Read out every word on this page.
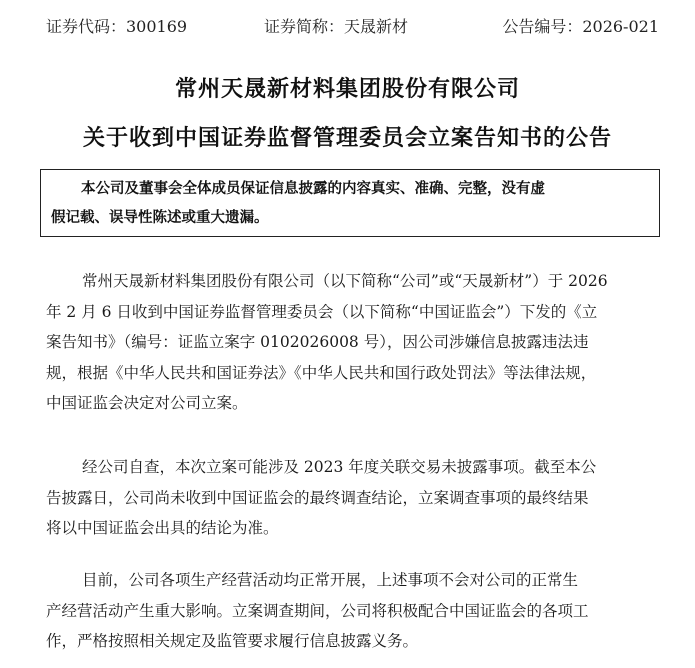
证券代码：300169	证券简称：天晟新材	公告编号：2026-021
常州天晟新材料集团股份有限公司
关于收到中国证券监督管理委员会立案告知书的公告
本公司及董事会全体成员保证信息披露的内容真实、准确、完整，没有虚
假记载、误导性陈述或重大遗漏。
常州天晟新材料集团股份有限公司（以下简称“公司”或“天晟新材”）于 2026
年 2 月 6 日收到中国证券监督管理委员会（以下简称“中国证监会”）下发的《立
案告知书》（编号：证监立案字 0102026008 号），因公司涉嫌信息披露违法违
规，根据《中华人民共和国证券法》《中华人民共和国行政处罚法》等法律法规，
中国证监会决定对公司立案。
经公司自查，本次立案可能涉及 2023 年度关联交易未披露事项。截至本公
告披露日，公司尚未收到中国证监会的最终调查结论，立案调查事项的最终结果
将以中国证监会出具的结论为准。
目前，公司各项生产经营活动均正常开展，上述事项不会对公司的正常生
产经营活动产生重大影响。立案调查期间，公司将积极配合中国证监会的各项工
作，严格按照相关规定及监管要求履行信息披露义务。
